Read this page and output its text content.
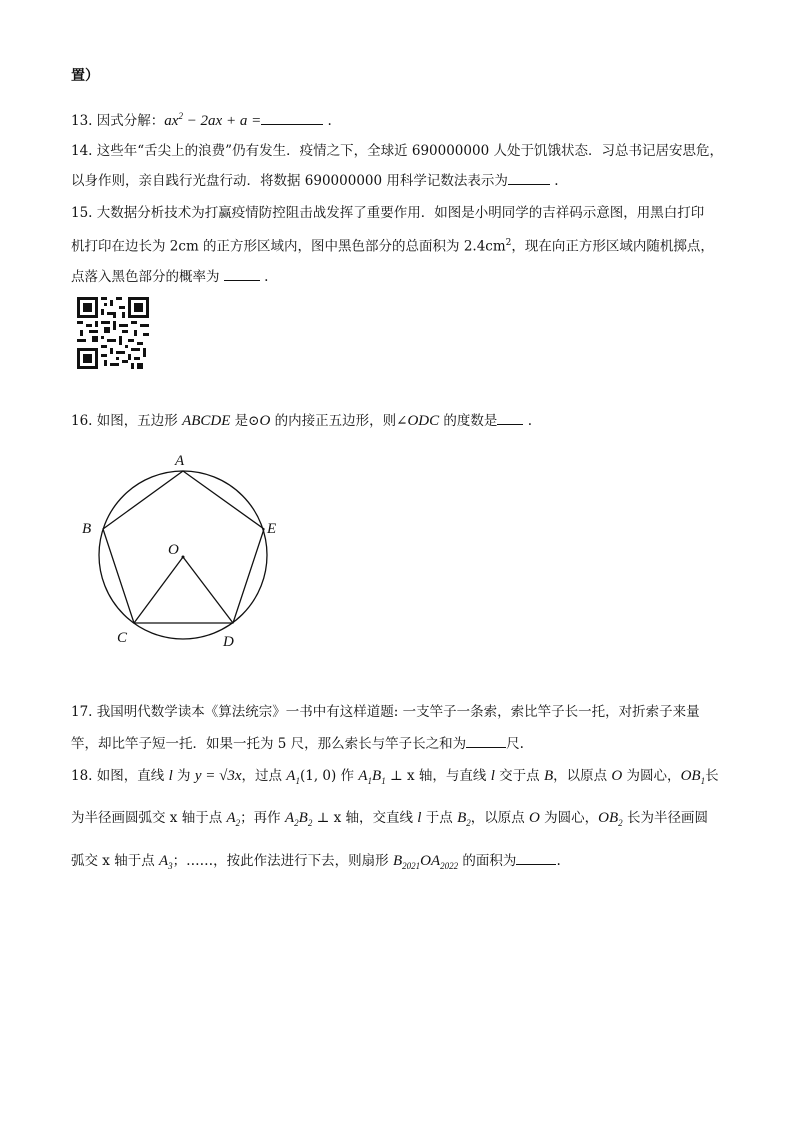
置）
13. 因式分解：$ax^2 - 2ax + a$ =	.
14. 这些年“舌尖上的浪费”仍有发生．疫情之下，全球近 690000000 人处于饥饿状态．习总书记居安思危，
以身作则，亲自践行光盘行动．将数据 690000000 用科学记数法表示为	.
15. 大数据分析技术为打赢疫情防控阻击战发挥了重要作用．如图是小明同学的吉祥码示意图，用黑白打印
机打印在边长为 2cm 的正方形区域内，图中黑色部分的总面积为 $2.4cm^2$，现在向正方形区域内随机掷点，
点落入黑色部分的概率为	.
16. 如图，五边形 ABCDE 是⊙O 的内接正五边形，则∠ODC 的度数是 .
A
B
C	D
E
O
17. 我国明代数学读本《算法统宗》一书中有这样道题: 一支竿子一条索，索比竿子长一托，对折索子来量
竿，却比竿子短一托．如果一托为 5 尺，那么索长与竿子长之和为	尺.
18. 如图，直线 l 为 y = √3x，过点 $A_1(1$, 0) 作 $A_1B_1$ ⊥ x 轴，与直线 l 交于点 B，以原点 O 为圆心，$OB_1$长
为半径画圆弧交 x 轴于点 $A_2$；再作 $A_2B_2$ ⊥ x 轴，交直线 l 于点 $B_2$，以原点 O 为圆心，$OB_2$ 长为半径画圆
弧交 x 轴于点 $A_3$；……，按此作法进行下去，则扇形 $B_{2021}OA_{2022}$ 的面积为	.
